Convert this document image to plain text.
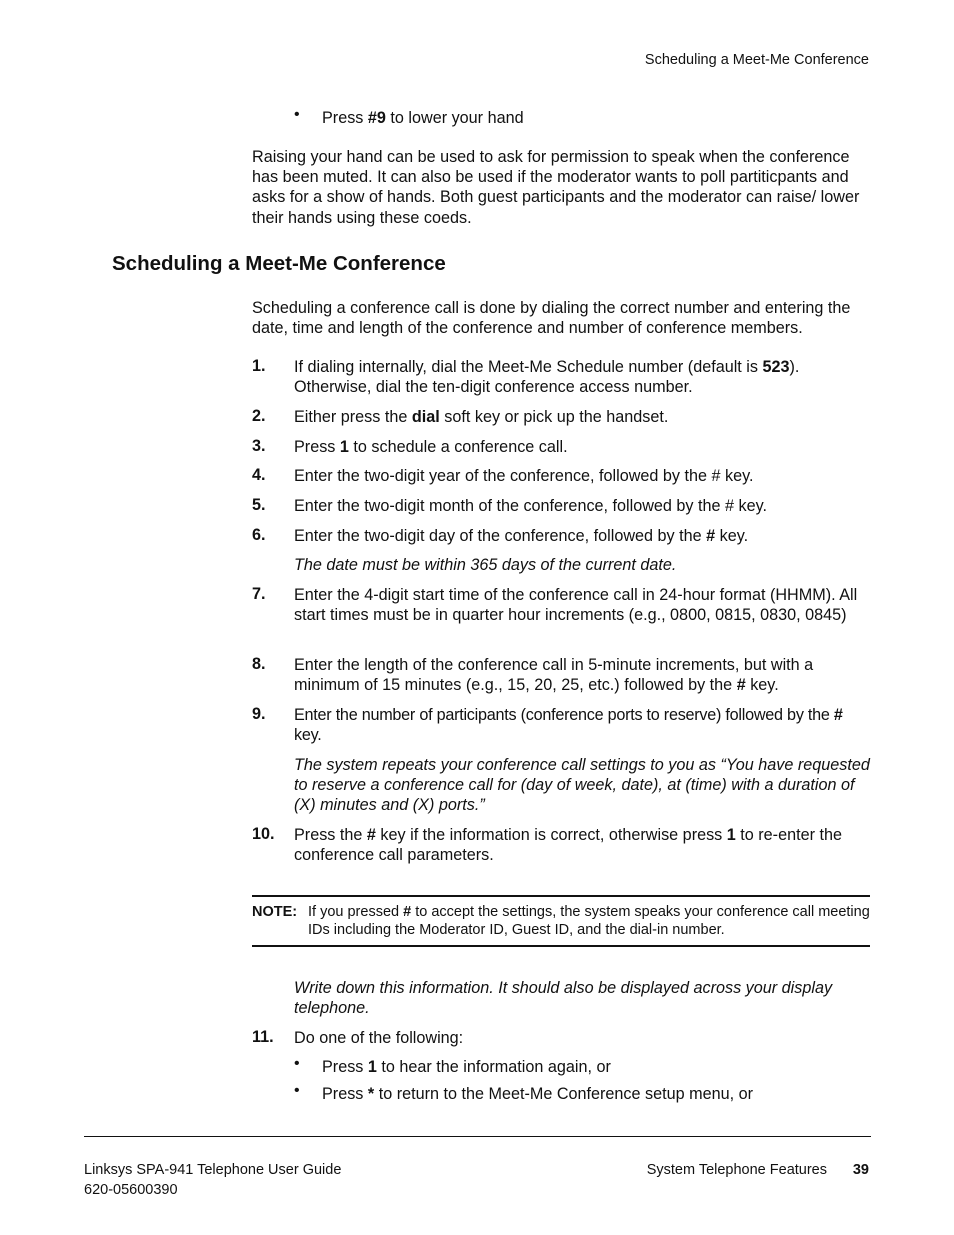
Scheduling a Meet-Me Conference
• Press #9 to lower your hand
Raising your hand can be used to ask for permission to speak when the conference has been muted. It can also be used if the moderator wants to poll partiticpants and asks for a show of hands. Both guest participants and the moderator can raise/ lower their hands using these coeds.
Scheduling a Meet-Me Conference
Scheduling a conference call is done by dialing the correct number and entering the date, time and length of the conference and number of conference members.
1. If dialing internally, dial the Meet-Me Schedule number (default is 523). Otherwise, dial the ten-digit conference access number.
2. Either press the dial soft key or pick up the handset.
3. Press 1 to schedule a conference call.
4. Enter the two-digit year of the conference, followed by the # key.
5. Enter the two-digit month of the conference, followed by the # key.
6. Enter the two-digit day of the conference, followed by the # key.
The date must be within 365 days of the current date.
7. Enter the 4-digit start time of the conference call in 24-hour format (HHMM). All start times must be in quarter hour increments (e.g., 0800, 0815, 0830, 0845)
8. Enter the length of the conference call in 5-minute increments, but with a minimum of 15 minutes (e.g., 15, 20, 25, etc.) followed by the # key.
9. Enter the number of participants (conference ports to reserve) followed by the # key.
The system repeats your conference call settings to you as “You have requested to reserve a conference call for (day of week, date), at (time) with a duration of (X) minutes and (X) ports.”
10. Press the # key if the information is correct, otherwise press 1 to re-enter the conference call parameters.
NOTE: If you pressed # to accept the settings, the system speaks your conference call meeting IDs including the Moderator ID, Guest ID, and the dial-in number.
Write down this information. It should also be displayed across your display telephone.
11. Do one of the following:
• Press 1 to hear the information again, or
• Press * to return to the Meet-Me Conference setup menu, or
Linksys SPA-941 Telephone User Guide
620-05600390
System Telephone Features 39
